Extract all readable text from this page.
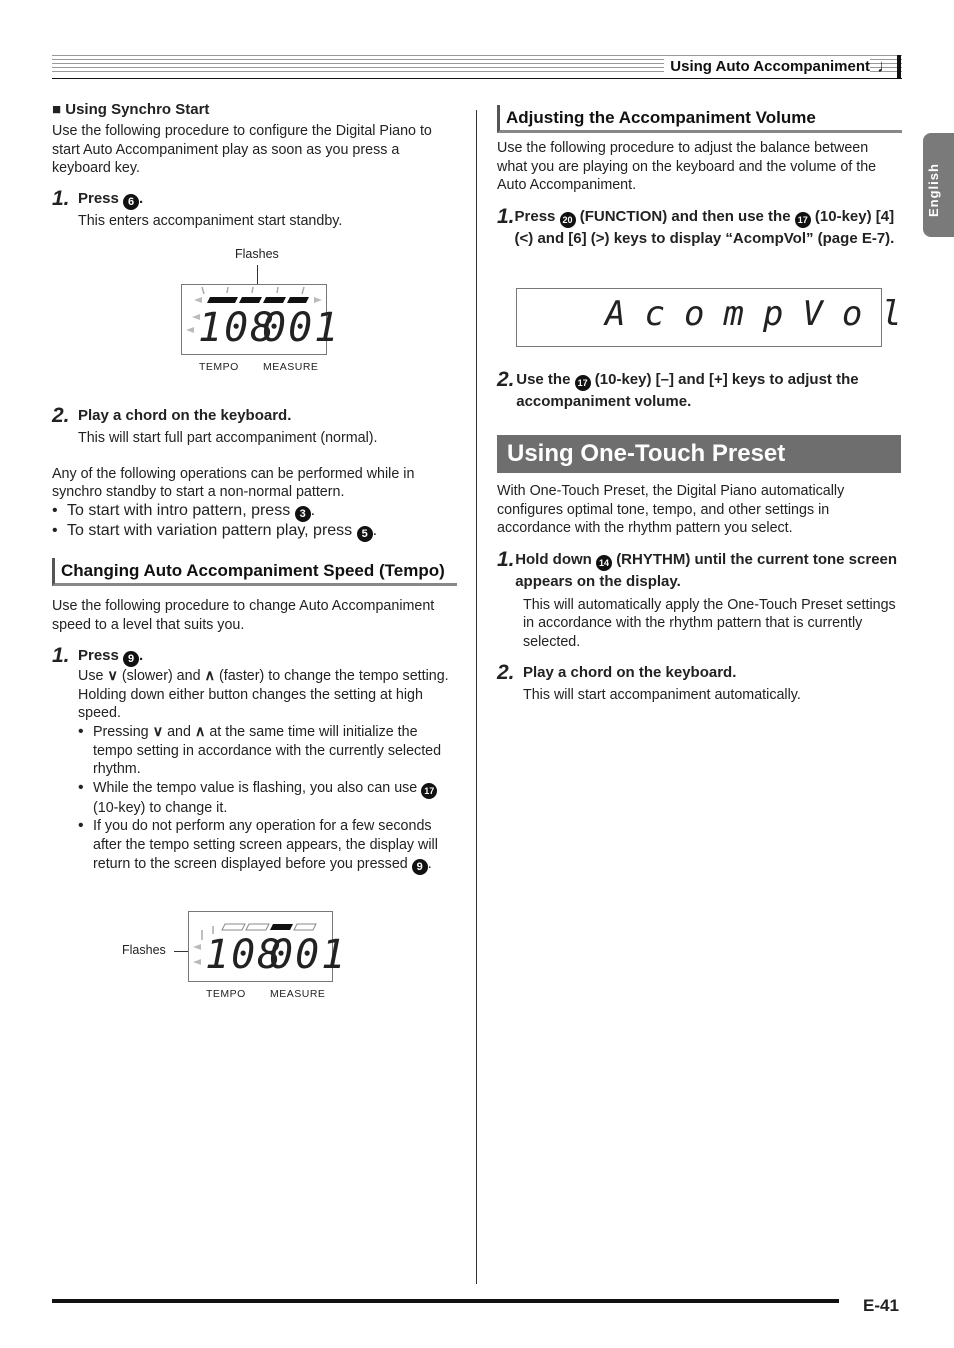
Using Auto Accompaniment ♩
English
■ Using Synchro Start

Use the following procedure to configure the Digital Piano to start Auto Accompaniment play as soon as you press a keyboard key.

1. Press 6 .

This enters accompaniment start standby.

Flashes
108
001
TEMPO MEASURE
2. Play a chord on the keyboard.

This will start full part accompaniment (normal).

Any of the following operations can be performed while in synchro standby to start a non-normal pattern.

• To start with intro pattern, press 3 .
• To start with variation pattern play, press 5 .
Changing Auto Accompaniment Speed (Tempo)

Use the following procedure to change Auto Accompaniment speed to a level that suits you.

1. Press 9 .

Use ∨ (slower) and ∧ (faster) to change the tempo setting. Holding down either button changes the setting at high speed.

• Pressing ∨ and ∧ at the same time will initialize the tempo setting in accordance with the currently selected rhythm.
• While the tempo value is flashing, you also can use 17 (10-key) to change it.
• If you do not perform any operation for a few seconds after the tempo setting screen appears, the display will return to the screen displayed before you pressed 9 .
Flashes 108
001
TEMPO MEASURE
Adjusting the Accompaniment Volume

Use the following procedure to adjust the balance between what you are playing on the keyboard and the volume of the Auto Accompaniment.

1. Press 20 (FUNCTION) and then use the 17 (10-key) [4] (<) and [6] (>) keys to display “AcompVol” (page E-7).
AcompVol
2. Use the 17 (10-key) [–] and [+] keys to adjust the accompaniment volume.
Using One-Touch Preset

With One-Touch Preset, the Digital Piano automatically configures optimal tone, tempo, and other settings in accordance with the rhythm pattern you select.

1. Hold down 14 (RHYTHM) until the current tone screen appears on the display.

This will automatically apply the One-Touch Preset settings in accordance with the rhythm pattern that is currently selected.

2. Play a chord on the keyboard.

This will start accompaniment automatically.

E-41
